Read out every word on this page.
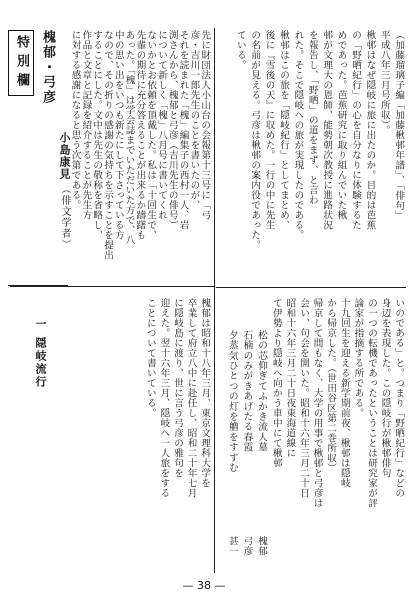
特別欄 槐郁・弓彦
小島康見 （俳文学者）
一 隠岐流行
先に財団法人小山台の会報第十三号に「弓
彦・吉川一郎先生のことを書いたのが、
それを読まれた「槐」編集子の西村一人、岩
渕さんから、槐郁と弓彦（吉川先生の俳号）
について新しく「槐」八月号に書いてくれ
ないかとお依頼を頂戴した。私は「十回生で、
先輩の期待に充分答えることが出来るか躊躇も
あった。「槐」は学会誌までいただいた方で、八
中の思い出をいつも新たにして下さっている方
なので、その折りの感謝の気持ちを示すことを提出
することにした。文中は先生の敬称を省略し、
作品と文章と記録を紹介することが先生方
に対する感謝になると思う次第である。
槐郁は昭和十八年三月、東京文理科大学を
卒業して府立八中に赴任し、昭和二十年七月
に隠岐島に渡り、世に言う弓彦の雅句を
迎えた。翌十六年三月、隠岐へ一人旅をする
ことについて書いている。
（加藤瑠璃子編「加藤楸邨年譜」、「俳句」
平成八年三月号所収）。
楸邨はなぜ隠岐に旅に出たのか。目的は芭蕉
の「野晒紀行」の心を自分なりに体験するた
めであった。芭蕉研究に取り組んでいた楸
邨が文理大の恩師、能勢朝次教授に進路状況
を報告し、「野晒」の道をまず、と言わ
れた。そこで隠岐への旅が実現したのである。
楸邨はこの旅を「隠岐紀行」としてまとめ、
後に『雪後の天』に収めた。一行の中に先生
の名前が見える。弓彦は楸邨の案内役であった。
ている。
いのである」と。つまり「野晒紀行」などの
身辺を表現した。この隠岐行が楸邨俳句
の一つの転機であったということは研究家が評
論家が指摘する所である。
十九回生を迎える新学期前夜、楸邨は隠岐
から帰京した。（世田谷区第二巻所収）
帰京して間もなく、大学の用事で楸邨と弓彦は
会い、句会を開いた。昭和十六年三月二十日
昭和十六年三月二十日夜東海道線に
て伊勢より隠岐へ向かう車中にて楸邨
松の芯仰ぎてふかき流人墓
槐郁
石楠のみがきあげたる春霞
弓彦
夕蒸気ひとつの灯を艪をすすむ
甚一
— 38 —
